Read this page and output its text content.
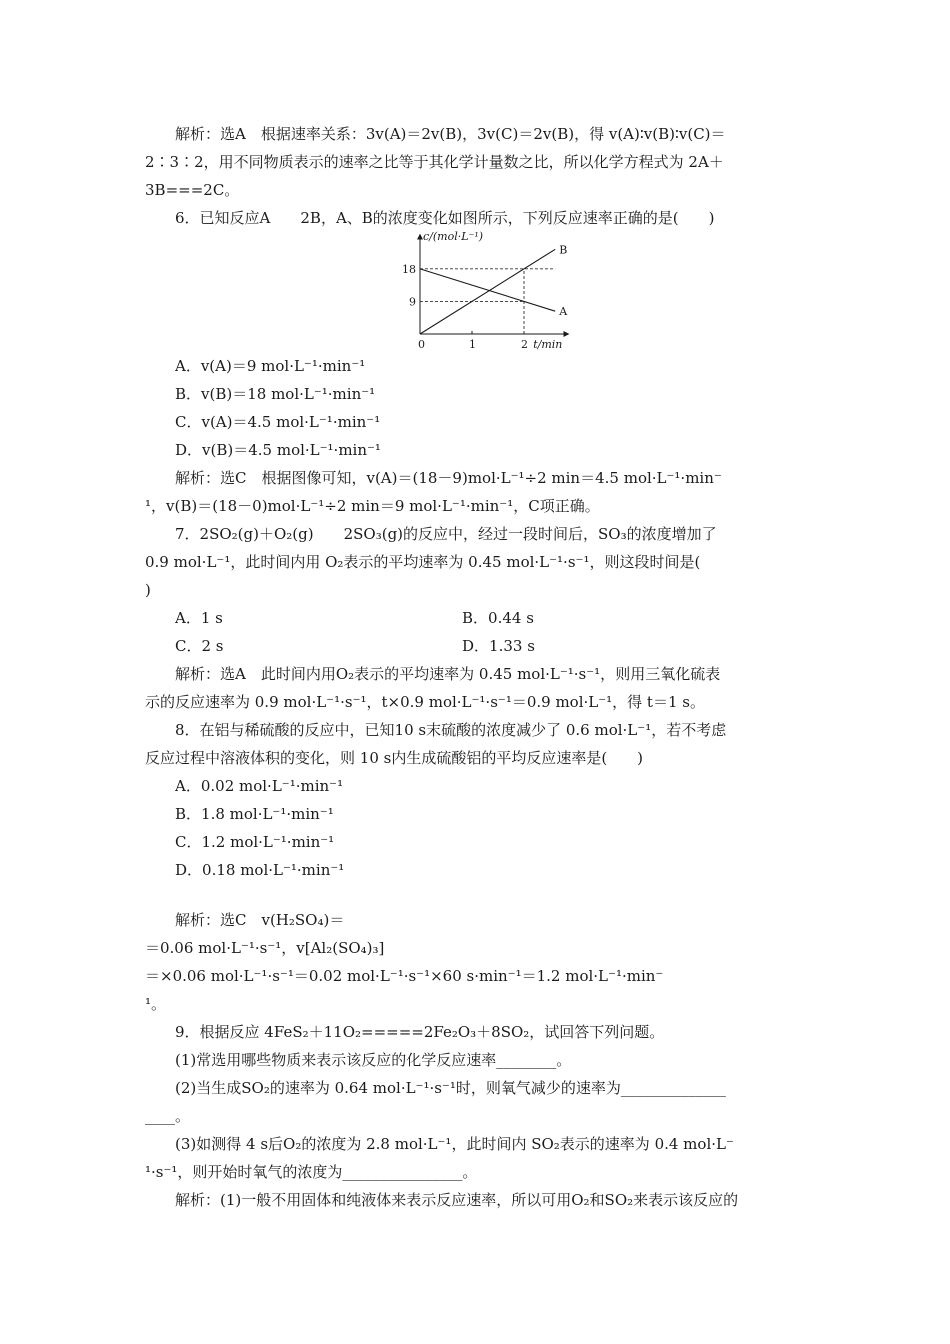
解析：选A　根据速率关系：3v(A)＝2v(B)，3v(C)＝2v(B)，得 v(A)∶v(B)∶v(C)＝
2∶3∶2，用不同物质表示的速率之比等于其化学计量数之比，所以化学方程式为 2A＋
3B===2C。
6．已知反应A　　2B，A、B的浓度变化如图所示，下列反应速率正确的是(　　)
A
B
0	1	2
9
18
c/(mol·L⁻¹)
t/min
A．v(A)＝9 mol·L⁻¹·min⁻¹
B．v(B)＝18 mol·L⁻¹·min⁻¹
C．v(A)＝4.5 mol·L⁻¹·min⁻¹
D．v(B)＝4.5 mol·L⁻¹·min⁻¹
解析：选C　根据图像可知，v(A)＝(18－9)mol·L⁻¹÷2 min＝4.5 mol·L⁻¹·min⁻
¹，v(B)＝(18－0)mol·L⁻¹÷2 min＝9 mol·L⁻¹·min⁻¹，C项正确。
7．2SO₂(g)＋O₂(g)　　2SO₃(g)的反应中，经过一段时间后，SO₃的浓度增加了
0.9 mol·L⁻¹，此时间内用 O₂表示的平均速率为 0.45 mol·L⁻¹·s⁻¹，则这段时间是(
)
A．1 s	B．0.44 s
C．2 s	D．1.33 s
解析：选A　此时间内用O₂表示的平均速率为 0.45 mol·L⁻¹·s⁻¹，则用三氧化硫表
示的反应速率为 0.9 mol·L⁻¹·s⁻¹，t×0.9 mol·L⁻¹·s⁻¹＝0.9 mol·L⁻¹，得 t＝1 s。
8．在铝与稀硫酸的反应中，已知10 s末硫酸的浓度减少了 0.6 mol·L⁻¹，若不考虑
反应过程中溶液体积的变化，则 10 s内生成硫酸铝的平均反应速率是(　　)
A．0.02 mol·L⁻¹·min⁻¹
B．1.8 mol·L⁻¹·min⁻¹
C．1.2 mol·L⁻¹·min⁻¹
D．0.18 mol·L⁻¹·min⁻¹
解析：选C　v(H₂SO₄)＝
＝0.06 mol·L⁻¹·s⁻¹，v[Al₂(SO₄)₃]
＝×0.06 mol·L⁻¹·s⁻¹＝0.02 mol·L⁻¹·s⁻¹×60 s·min⁻¹＝1.2 mol·L⁻¹·min⁻
¹。
9．根据反应 4FeS₂＋11O₂=====2Fe₂O₃＋8SO₂，试回答下列问题。
(1)常选用哪些物质来表示该反应的化学反应速率________。
(2)当生成SO₂的速率为 0.64 mol·L⁻¹·s⁻¹时，则氧气减少的速率为______________
____。
(3)如测得 4 s后O₂的浓度为 2.8 mol·L⁻¹，此时间内 SO₂表示的速率为 0.4 mol·L⁻
¹·s⁻¹，则开始时氧气的浓度为________________。
解析：(1)一般不用固体和纯液体来表示反应速率，所以可用O₂和SO₂来表示该反应的
